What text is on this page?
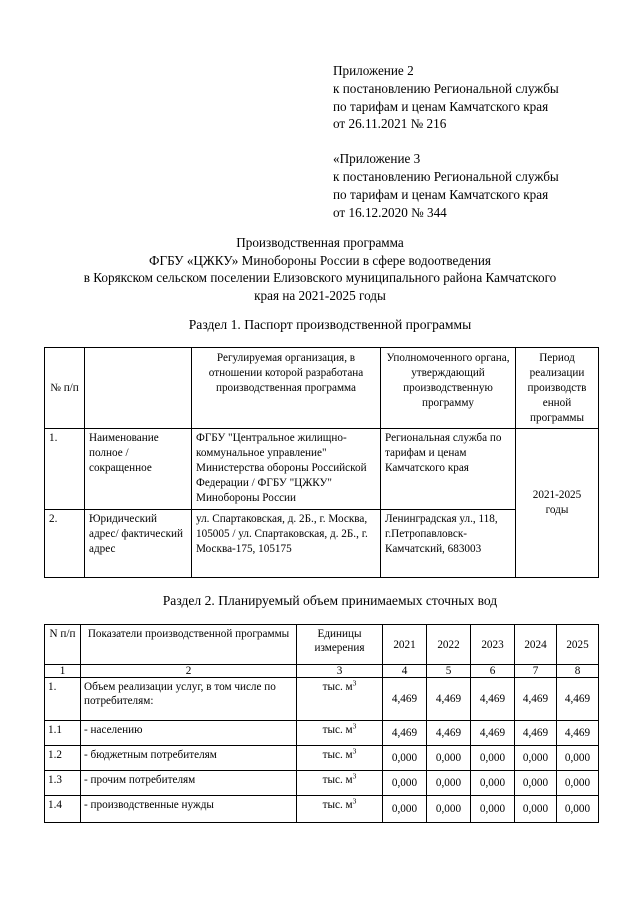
Приложение 2
к постановлению Региональной службы
по тарифам и ценам Камчатского края
от 26.11.2021 № 216
«Приложение 3
к постановлению Региональной службы
по тарифам и ценам Камчатского края
от 16.12.2020 № 344
Производственная программа
ФГБУ «ЦЖКУ» Минобороны России в сфере водоотведения
в Корякском сельском поселении Елизовского муниципального района Камчатского
края на 2021-2025 годы
Раздел 1. Паспорт производственной программы
№ п/п		Регулируемая организация, в отношении которой разработана производственная программа	Уполномоченного органа, утверждающий производственную программу	Период реализации производств енной программы
1.	Наименование полное / сокращенное	ФГБУ "Центральное жилищно-коммунальное управление" Министерства обороны Российской Федерации / ФГБУ "ЦЖКУ" Минобороны России	Региональная служба по тарифам и ценам Камчатского края	2021-2025 годы
2.	Юридический адрес/ фактический адрес	ул. Спартаковская, д. 2Б., г. Москва, 105005 / ул. Спартаковская, д. 2Б., г. Москва-175, 105175	Ленинградская ул., 118, г.Петропавловск-Камчатский, 683003	
Раздел 2. Планируемый объем принимаемых сточных вод
N п/п	Показатели производственной программы	Единицы измерения	2021	2022	2023	2024	2025
1	2	3	4	5	6	7	8
1.	Объем реализации услуг, в том числе по потребителям:	тыс. $м^3$	4,469	4,469	4,469	4,469	4,469
1.1	- населению	тыс. $м^3$	4,469	4,469	4,469	4,469	4,469
1.2	- бюджетным потребителям	тыс. $м^3$	0,000	0,000	0,000	0,000	0,000
1.3	- прочим потребителям	тыс. $м^3$	0,000	0,000	0,000	0,000	0,000
1.4	- производственные нужды	тыс. $м^3$	0,000	0,000	0,000	0,000	0,000
